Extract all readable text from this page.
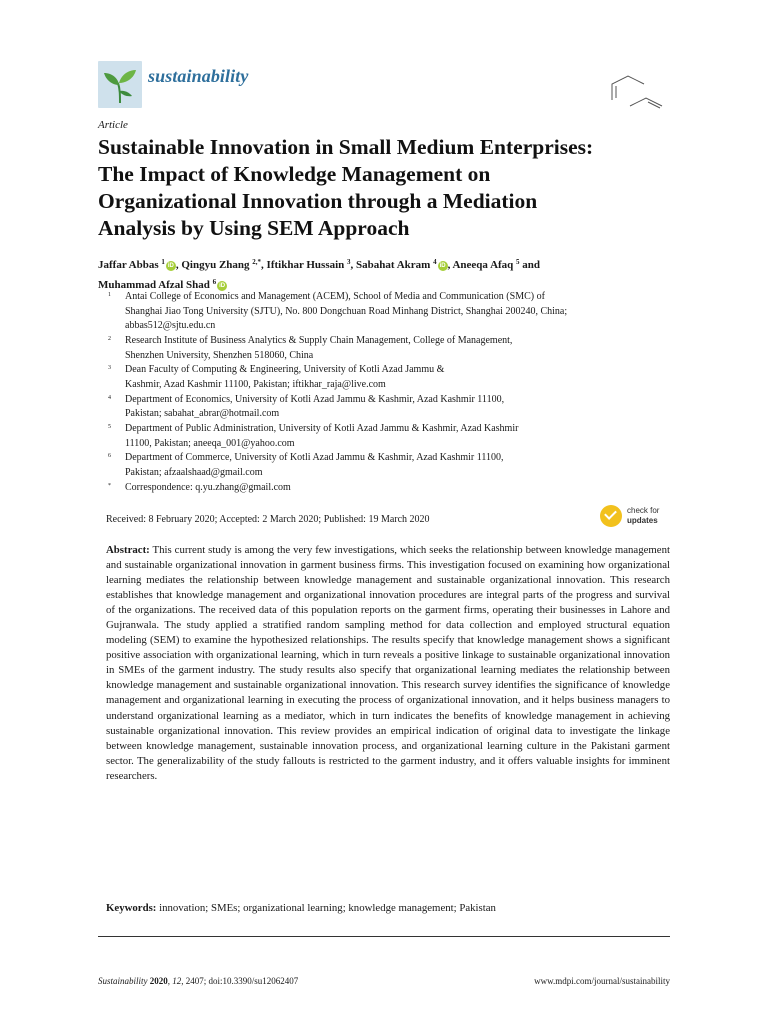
sustainability
Article
Sustainable Innovation in Small Medium Enterprises:
The Impact of Knowledge Management on
Organizational Innovation through a Mediation
Analysis by Using SEM Approach
Jaffar Abbas $^1$ iD , Qingyu Zhang $^{2,*}$, Iftikhar Hussain $^3$, Sabahat Akram $^4$ iD , Aneeqa Afaq $^5$ and
Muhammad Afzal Shad $^6$ iD
1 Antai College of Economics and Management (ACEM), School of Media and Communication (SMC) of
Shanghai Jiao Tong University (SJTU), No. 800 Dongchuan Road Minhang District, Shanghai 200240, China;
abbas512@sjtu.edu.cn
2 Research Institute of Business Analytics & Supply Chain Management, College of Management,
Shenzhen University, Shenzhen 518060, China
3 Dean Faculty of Computing & Engineering, University of Kotli Azad Jammu &
Kashmir, Azad Kashmir 11100, Pakistan; iftikhar_raja@live.com
4 Department of Economics, University of Kotli Azad Jammu & Kashmir, Azad Kashmir 11100,
Pakistan; sabahat_abrar@hotmail.com
5 Department of Public Administration, University of Kotli Azad Jammu & Kashmir, Azad Kashmir
11100, Pakistan; aneeqa_001@yahoo.com
6 Department of Commerce, University of Kotli Azad Jammu & Kashmir, Azad Kashmir 11100,
Pakistan; afzaalshaad@gmail.com
* Correspondence: q.yu.zhang@gmail.com
Received: 8 February 2020; Accepted: 2 March 2020; Published: 19 March 2020
check for
updates
Abstract: This current study is among the very few investigations, which seeks the relationship between knowledge management and sustainable organizational innovation in garment business firms. This investigation focused on examining how organizational learning mediates the relationship between knowledge management and sustainable organizational innovation. This research establishes that knowledge management and organizational innovation procedures are integral parts of the progress and survival of the organizations. The received data of this population reports on the garment firms, operating their businesses in Lahore and Gujranwala. The study applied a stratified random sampling method for data collection and employed structural equation modeling (SEM) to examine the hypothesized relationships. The results specify that knowledge management shows a significant positive association with organizational learning, which in turn reveals a positive linkage to sustainable organizational innovation in SMEs of the garment industry. The study results also specify that organizational learning mediates the relationship between knowledge management and sustainable organizational innovation. This research survey identifies the significance of knowledge management and organizational learning in executing the process of organizational innovation, and it helps business managers to understand organizational learning as a mediator, which in turn indicates the benefits of knowledge management in achieving sustainable organizational innovation. This review provides an empirical indication of original data to investigate the linkage between knowledge management, sustainable innovation process, and organizational learning culture in the Pakistani garment sector. The generalizability of the study fallouts is restricted to the garment industry, and it offers valuable insights for imminent researchers.
Keywords: innovation; SMEs; organizational learning; knowledge management; Pakistan
Sustainability 2020, 12, 2407; doi:10.3390/su12062407	www.mdpi.com/journal/sustainability
